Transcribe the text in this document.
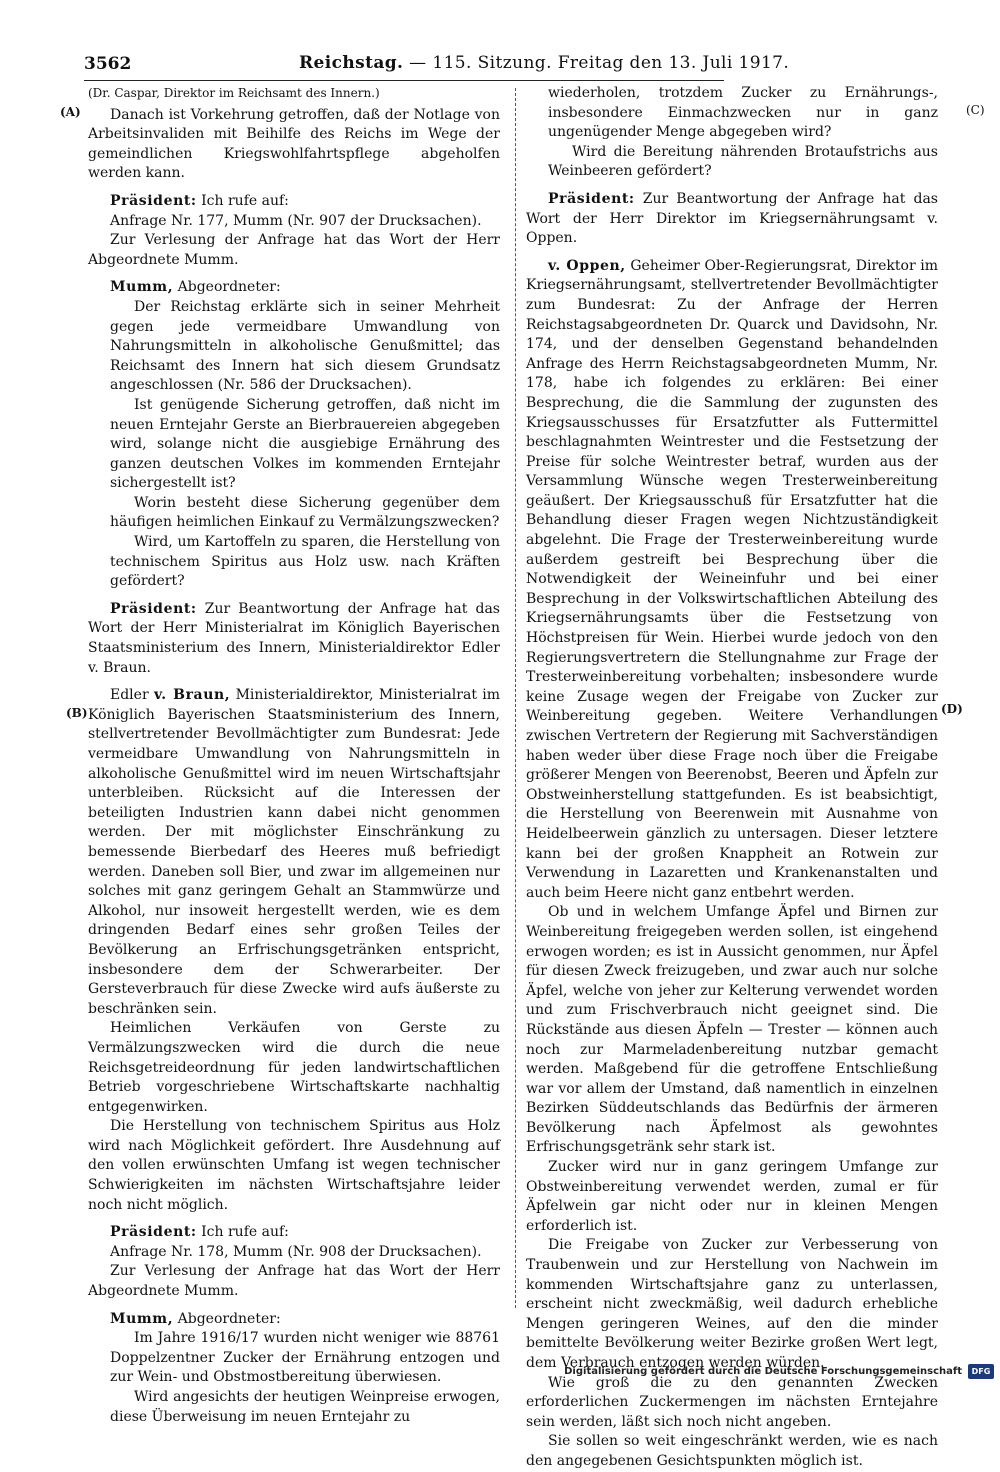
3562	Reichstag. — 115. Sitzung. Freitag den 13. Juli 1917.
(A)
(B)
(C)
(D)

(Dr. Caspar, Direktor im Reichsamt des Innern.)

Danach ist Vorkehrung getroffen, daß der Notlage von Arbeitsinvaliden mit Beihilfe des Reichs im Wege der gemeindlichen Kriegswohlfahrtspflege abgeholfen werden kann.

Präsident: Ich rufe auf:

Anfrage Nr. 177, Mumm (Nr. 907 der Drucksachen).

Zur Verlesung der Anfrage hat das Wort der Herr Abgeordnete Mumm.

Mumm, Abgeordneter:

Der Reichstag erklärte sich in seiner Mehrheit gegen jede vermeidbare Umwandlung von Nahrungsmitteln in alkoholische Genußmittel; das Reichsamt des Innern hat sich diesem Grundsatz angeschlossen (Nr. 586 der Drucksachen).

Ist genügende Sicherung getroffen, daß nicht im neuen Erntejahr Gerste an Bierbrauereien abgegeben wird, solange nicht die ausgiebige Ernährung des ganzen deutschen Volkes im kommenden Erntejahr sichergestellt ist?

Worin besteht diese Sicherung gegenüber dem häufigen heimlichen Einkauf zu Vermälzungszwecken?

Wird, um Kartoffeln zu sparen, die Herstellung von technischem Spiritus aus Holz usw. nach Kräften gefördert?

Präsident: Zur Beantwortung der Anfrage hat das Wort der Herr Ministerialrat im Königlich Bayerischen Staatsministerium des Innern, Ministerialdirektor Edler v. Braun.

Edler v. Braun, Ministerialdirektor, Ministerialrat im Königlich Bayerischen Staatsministerium des Innern, stellvertretender Bevollmächtigter zum Bundesrat: Jede vermeidbare Umwandlung von Nahrungsmitteln in alkoholische Genußmittel wird im neuen Wirtschaftsjahr unterbleiben. Rücksicht auf die Interessen der beteiligten Industrien kann dabei nicht genommen werden. Der mit möglichster Einschränkung zu bemessende Bierbedarf des Heeres muß befriedigt werden. Daneben soll Bier, und zwar im allgemeinen nur solches mit ganz geringem Gehalt an Stammwürze und Alkohol, nur insoweit hergestellt werden, wie es dem dringenden Bedarf eines sehr großen Teiles der Bevölkerung an Erfrischungsgetränken entspricht, insbesondere dem der Schwerarbeiter. Der Gersteverbrauch für diese Zwecke wird aufs äußerste zu beschränken sein.

Heimlichen Verkäufen von Gerste zu Vermälzungszwecken wird die durch die neue Reichsgetreideordnung für jeden landwirtschaftlichen Betrieb vorgeschriebene Wirtschaftskarte nachhaltig entgegenwirken.

Die Herstellung von technischem Spiritus aus Holz wird nach Möglichkeit gefördert. Ihre Ausdehnung auf den vollen erwünschten Umfang ist wegen technischer Schwierigkeiten im nächsten Wirtschaftsjahre leider noch nicht möglich.

Präsident: Ich rufe auf:

Anfrage Nr. 178, Mumm (Nr. 908 der Drucksachen).

Zur Verlesung der Anfrage hat das Wort der Herr Abgeordnete Mumm.

Mumm, Abgeordneter:

Im Jahre 1916/17 wurden nicht weniger wie 88761 Doppelzentner Zucker der Ernährung entzogen und zur Wein- und Obstmostbereitung überwiesen.

Wird angesichts der heutigen Weinpreise erwogen, diese Überweisung im neuen Erntejahr zu

wiederholen, trotzdem Zucker zu Ernährungs-, insbesondere Einmachzwecken nur in ganz ungenügender Menge abgegeben wird?

Wird die Bereitung nährenden Brotaufstrichs aus Weinbeeren gefördert?

Präsident: Zur Beantwortung der Anfrage hat das Wort der Herr Direktor im Kriegsernährungsamt v. Oppen.

v. Oppen, Geheimer Ober-Regierungsrat, Direktor im Kriegsernährungsamt, stellvertretender Bevollmächtigter zum Bundesrat: Zu der Anfrage der Herren Reichstagsabgeordneten Dr. Quarck und Davidsohn, Nr. 174, und der denselben Gegenstand behandelnden Anfrage des Herrn Reichstagsabgeordneten Mumm, Nr. 178, habe ich folgendes zu erklären: Bei einer Besprechung, die die Sammlung der zugunsten des Kriegsausschusses für Ersatzfutter als Futtermittel beschlagnahmten Weintrester und die Festsetzung der Preise für solche Weintrester betraf, wurden aus der Versammlung Wünsche wegen Tresterweinbereitung geäußert. Der Kriegsausschuß für Ersatzfutter hat die Behandlung dieser Fragen wegen Nichtzuständigkeit abgelehnt. Die Frage der Tresterweinbereitung wurde außerdem gestreift bei Besprechung über die Notwendigkeit der Weineinfuhr und bei einer Besprechung in der Volkswirtschaftlichen Abteilung des Kriegsernährungsamts über die Festsetzung von Höchstpreisen für Wein. Hierbei wurde jedoch von den Regierungsvertretern die Stellungnahme zur Frage der Tresterweinbereitung vorbehalten; insbesondere wurde keine Zusage wegen der Freigabe von Zucker zur Weinbereitung gegeben. Weitere Verhandlungen zwischen Vertretern der Regierung mit Sachverständigen haben weder über diese Frage noch über die Freigabe größerer Mengen von Beerenobst, Beeren und Äpfeln zur Obstweinherstellung stattgefunden. Es ist beabsichtigt, die Herstellung von Beerenwein mit Ausnahme von Heidelbeerwein gänzlich zu untersagen. Dieser letztere kann bei der großen Knappheit an Rotwein zur Verwendung in Lazaretten und Krankenanstalten und auch beim Heere nicht ganz entbehrt werden.

Ob und in welchem Umfange Äpfel und Birnen zur Weinbereitung freigegeben werden sollen, ist eingehend erwogen worden; es ist in Aussicht genommen, nur Äpfel für diesen Zweck freizugeben, und zwar auch nur solche Äpfel, welche von jeher zur Kelterung verwendet worden und zum Frischverbrauch nicht geeignet sind. Die Rückstände aus diesen Äpfeln — Trester — können auch noch zur Marmeladenbereitung nutzbar gemacht werden. Maßgebend für die getroffene Entschließung war vor allem der Umstand, daß namentlich in einzelnen Bezirken Süddeutschlands das Bedürfnis der ärmeren Bevölkerung nach Äpfelmost als gewohntes Erfrischungsgetränk sehr stark ist.

Zucker wird nur in ganz geringem Umfange zur Obstweinbereitung verwendet werden, zumal er für Äpfelwein gar nicht oder nur in kleinen Mengen erforderlich ist.

Die Freigabe von Zucker zur Verbesserung von Traubenwein und zur Herstellung von Nachwein im kommenden Wirtschaftsjahre ganz zu unterlassen, erscheint nicht zweckmäßig, weil dadurch erhebliche Mengen geringeren Weines, auf den die minder bemittelte Bevölkerung weiter Bezirke großen Wert legt, dem Verbrauch entzogen werden würden.

Wie groß die zu den genannten Zwecken erforderlichen Zuckermengen im nächsten Erntejahre sein werden, läßt sich noch nicht angeben.

Sie sollen so weit eingeschränkt werden, wie es nach den angegebenen Gesichtspunkten möglich ist.

Digitalisierung gefördert durch die Deutsche Forschungsgemeinschaft	DFG
